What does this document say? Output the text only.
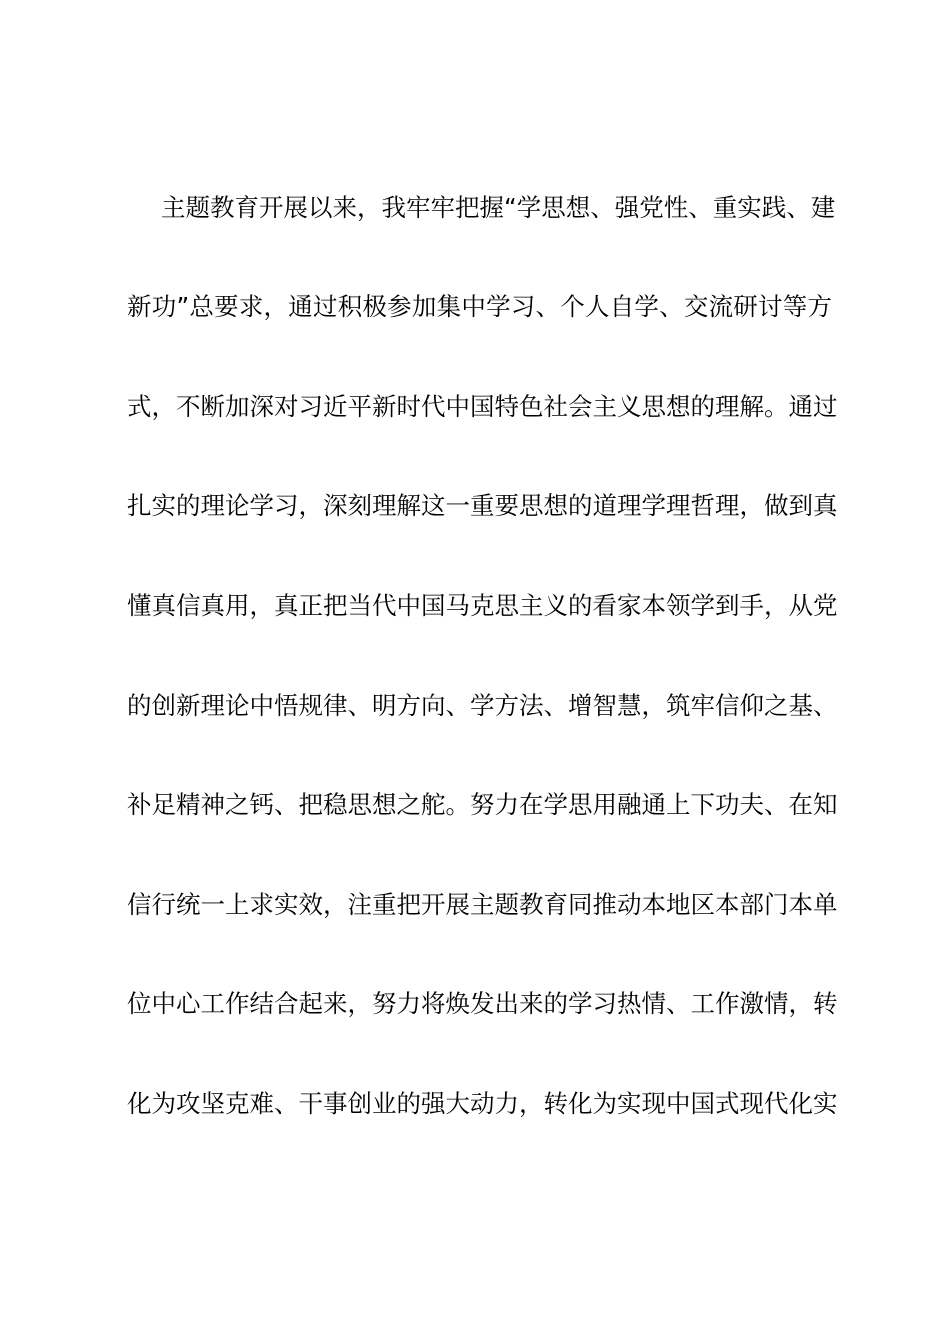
主题教育开展以来，我牢牢把握“学思想、强党性、重实践、建
新功”总要求，通过积极参加集中学习、个人自学、交流研讨等方
式，不断加深对习近平新时代中国特色社会主义思想的理解。通过
扎实的理论学习，深刻理解这一重要思想的道理学理哲理，做到真
懂真信真用，真正把当代中国马克思主义的看家本领学到手，从党
的创新理论中悟规律、明方向、学方法、增智慧，筑牢信仰之基、
补足精神之钙、把稳思想之舵。努力在学思用融通上下功夫、在知
信行统一上求实效，注重把开展主题教育同推动本地区本部门本单
位中心工作结合起来，努力将焕发出来的学习热情、工作激情，转
化为攻坚克难、干事创业的强大动力，转化为实现中国式现代化实
